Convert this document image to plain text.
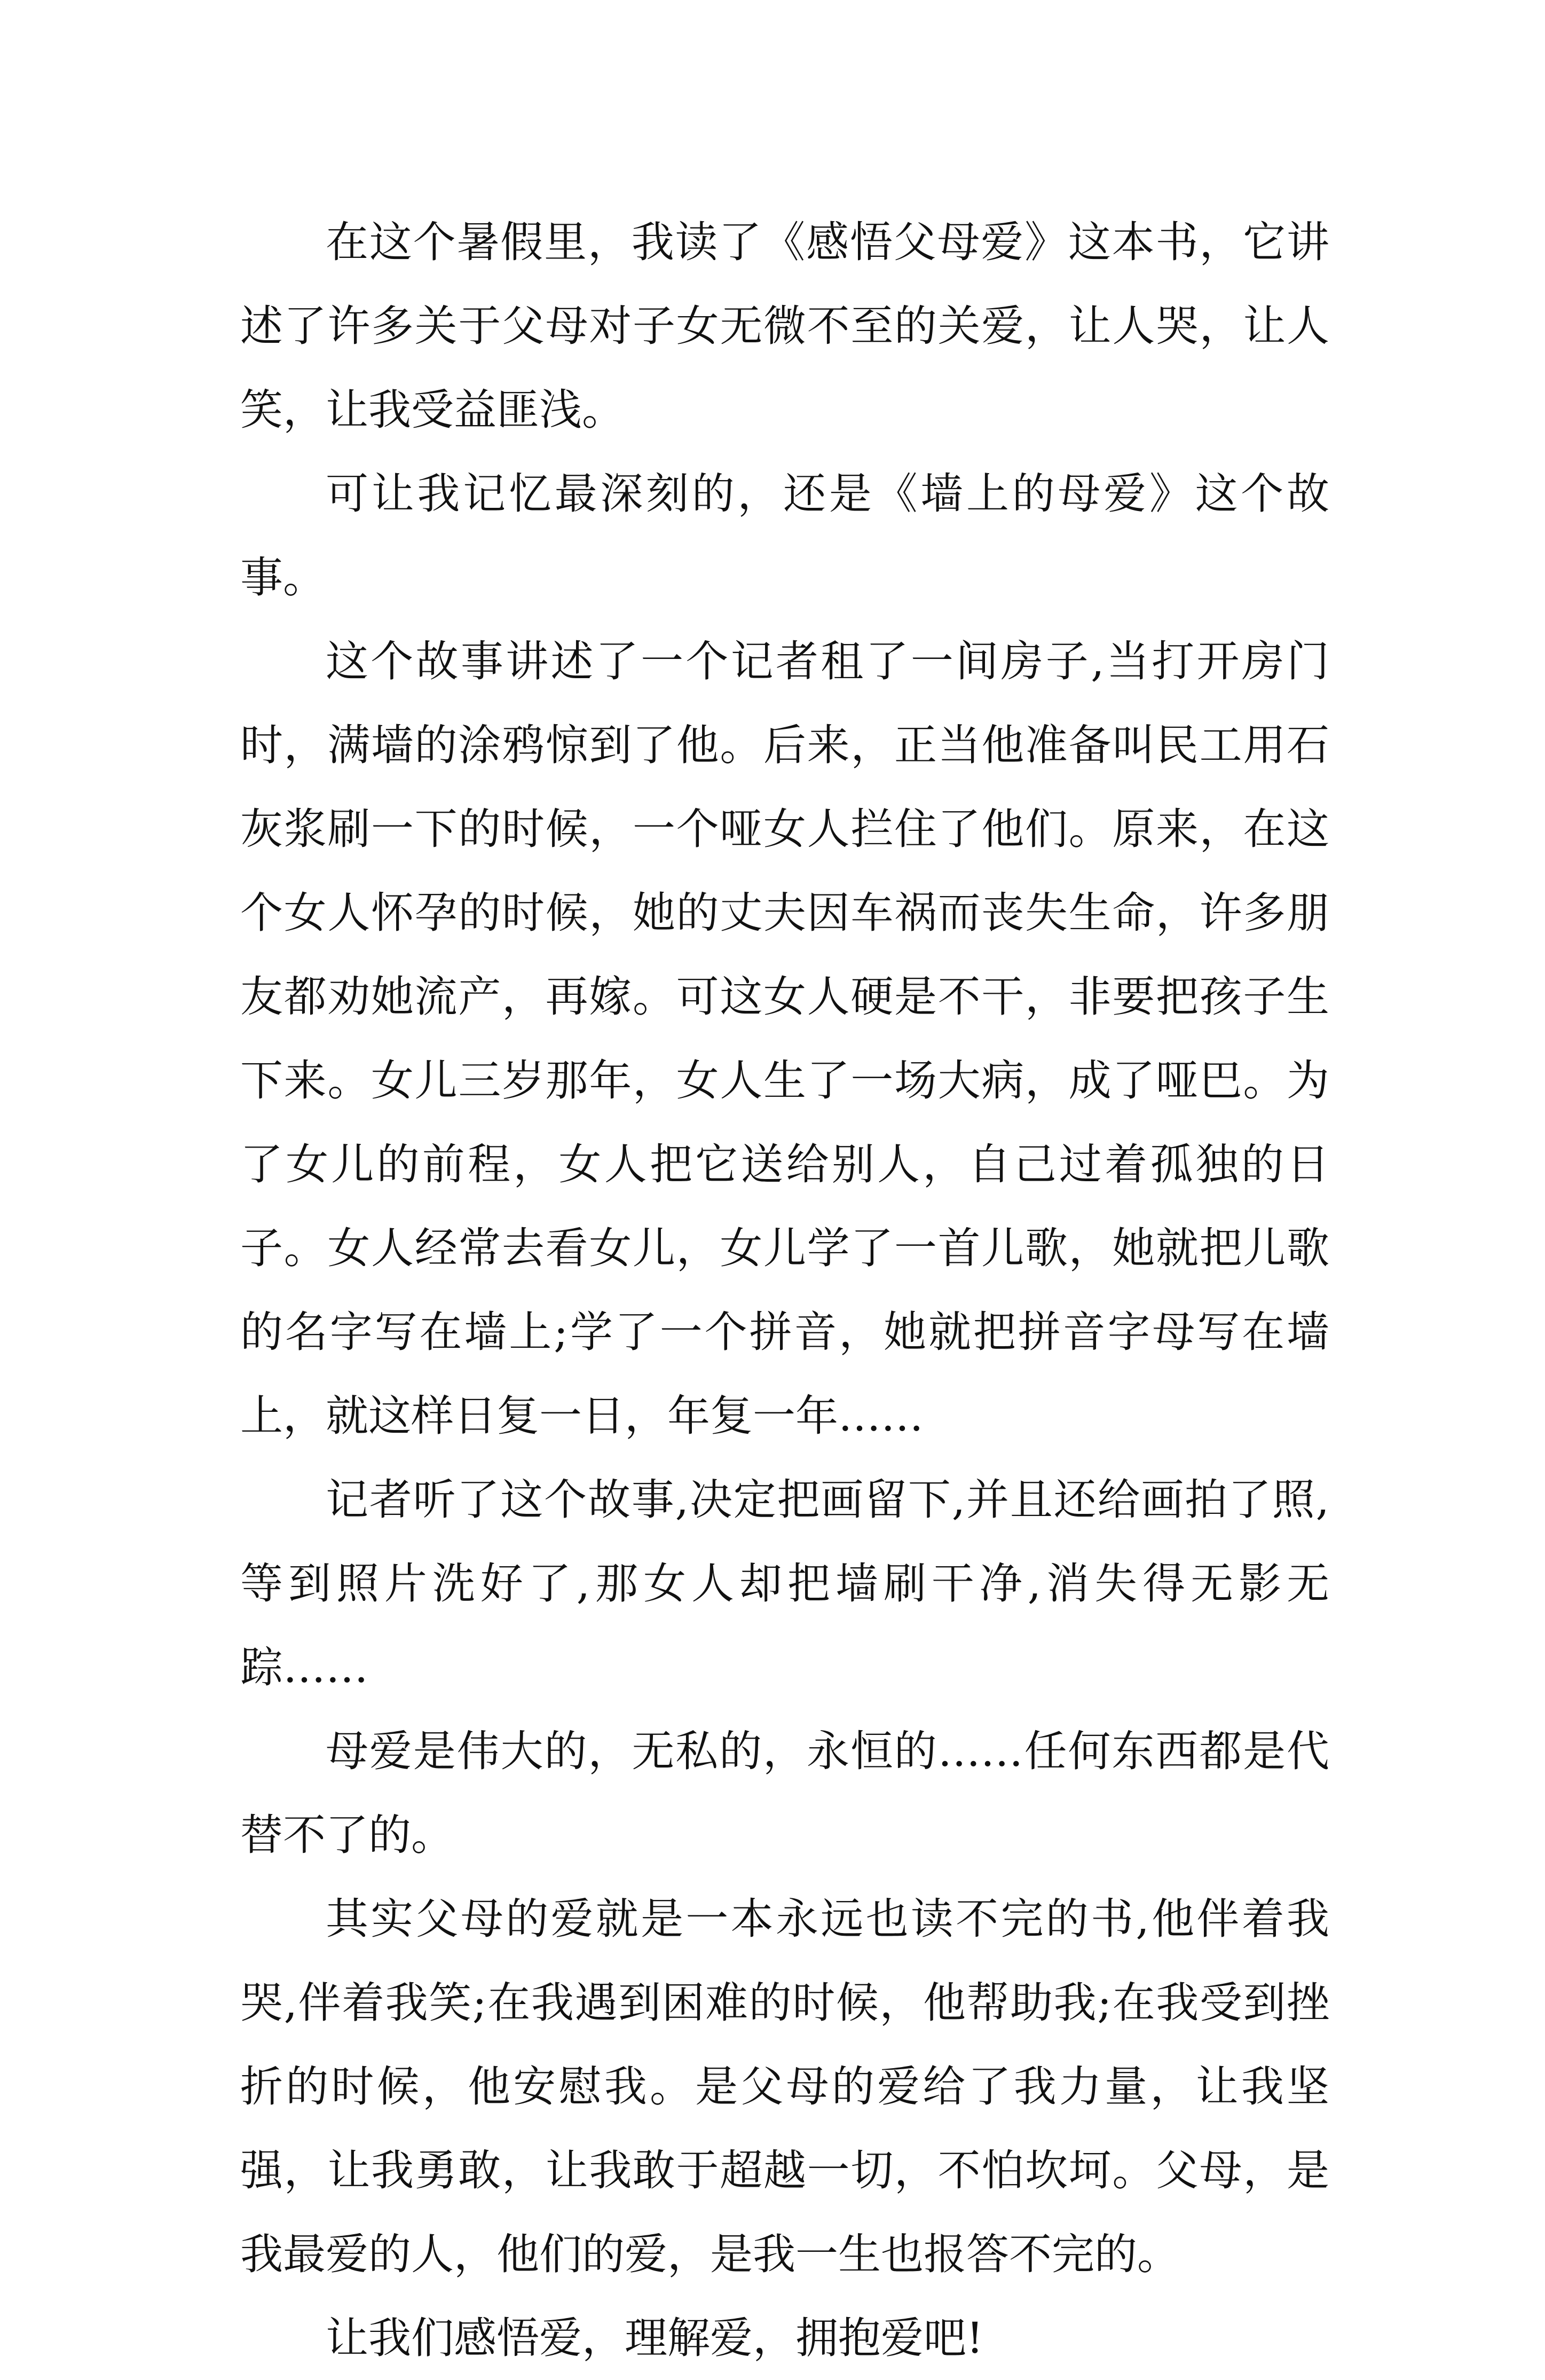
在这个暑假里，我读了《感悟父母爱》这本书，它讲述了许多关于父母对子女无微不至的关爱，让人哭，让人笑，让我受益匪浅。

可让我记忆最深刻的，还是《墙上的母爱》这个故事。

这个故事讲述了一个记者租了一间房子,当打开房门时，满墙的涂鸦惊到了他。后来，正当他准备叫民工用石灰浆刷一下的时候，一个哑女人拦住了他们。原来，在这个女人怀孕的时候，她的丈夫因车祸而丧失生命，许多朋友都劝她流产，再嫁。可这女人硬是不干，非要把孩子生下来。女儿三岁那年，女人生了一场大病，成了哑巴。为了女儿的前程，女人把它送给别人，自己过着孤独的日子。女人经常去看女儿，女儿学了一首儿歌，她就把儿歌的名字写在墙上;学了一个拼音，她就把拼音字母写在墙上，就这样日复一日，年复一年……

记者听了这个故事,决定把画留下,并且还给画拍了照,等到照片洗好了,那女人却把墙刷干净,消失得无影无踪……

母爱是伟大的，无私的，永恒的……任何东西都是代替不了的。

其实父母的爱就是一本永远也读不完的书,他伴着我哭,伴着我笑;在我遇到困难的时候，他帮助我;在我受到挫折的时候，他安慰我。是父母的爱给了我力量，让我坚强，让我勇敢，让我敢于超越一切，不怕坎坷。父母，是我最爱的人，他们的爱，是我一生也报答不完的。

让我们感悟爱，理解爱，拥抱爱吧!
